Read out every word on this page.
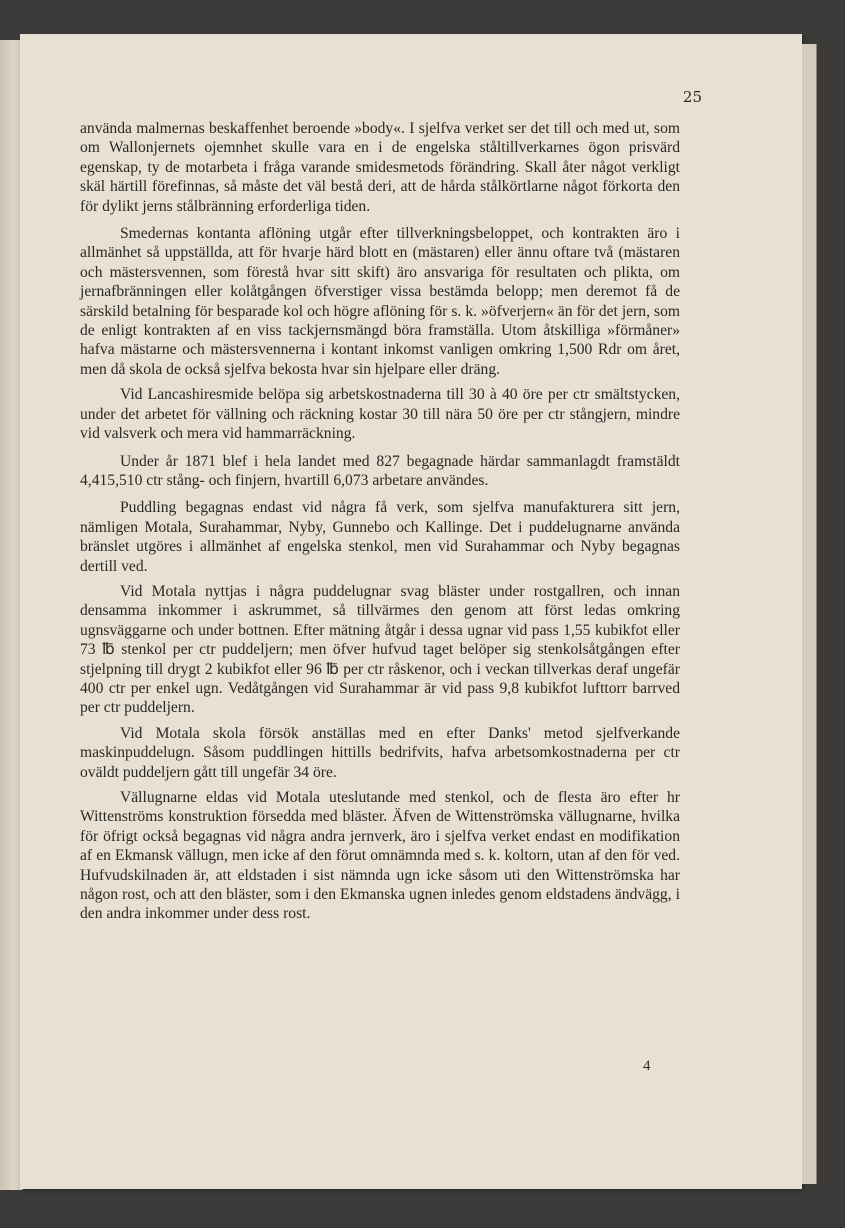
25

använda malmernas beskaffenhet beroende »body«. I sjelfva verket ser det till och med ut, som om Wallonjernets ojemnhet skulle vara en i de engelska ståltillverkarnes ögon prisvärd egenskap, ty de motarbeta i fråga varande smidesmetods förändring. Skall åter något verkligt skäl härtill förefinnas, så måste det väl bestå deri, att de hårda stålkörtlarne något förkorta den för dylikt jerns stålbränning erforderliga tiden.

Smedernas kontanta aflöning utgår efter tillverkningsbeloppet, och kontrakten äro i allmänhet så uppställda, att för hvarje härd blott en (mästaren) eller ännu oftare två (mästaren och mästersvennen, som förestå hvar sitt skift) äro ansvariga för resultaten och plikta, om jernafbränningen eller kolåtgången öfverstiger vissa bestämda belopp; men deremot få de särskild betalning för besparade kol och högre aflöning för s. k. »öfverjern« än för det jern, som de enligt kontrakten af en viss tackjernsmängd böra framställa. Utom åtskilliga »förmåner» hafva mästarne och mästersvennerna i kontant inkomst vanligen omkring 1,500 Rdr om året, men då skola de också sjelfva bekosta hvar sin hjelpare eller dräng.

Vid Lancashiresmide belöpa sig arbetskostnaderna till 30 à 40 öre per ctr smältstycken, under det arbetet för vällning och räckning kostar 30 till nära 50 öre per ctr stångjern, mindre vid valsverk och mera vid hammarräckning.

Under år 1871 blef i hela landet med 827 begagnade härdar sammanlagdt framstäldt 4,415,510 ctr stång- och finjern, hvartill 6,073 arbetare användes.

Puddling begagnas endast vid några få verk, som sjelfva manufakturera sitt jern, nämligen Motala, Surahammar, Nyby, Gunnebo och Kallinge. Det i puddelugnarne använda bränslet utgöres i allmänhet af engelska stenkol, men vid Surahammar och Nyby begagnas dertill ved.

Vid Motala nyttjas i några puddelugnar svag bläster under rostgallren, och innan densamma inkommer i askrummet, så tillvärmes den genom att först ledas omkring ugnsväggarne och under bottnen. Efter mätning åtgår i dessa ugnar vid pass 1,55 kubikfot eller 73 ℔ stenkol per ctr puddeljern; men öfver hufvud taget belöper sig stenkolsåtgången efter stjelpning till drygt 2 kubikfot eller 96 ℔ per ctr råskenor, och i veckan tillverkas deraf ungefär 400 ctr per enkel ugn. Vedåtgången vid Surahammar är vid pass 9,8 kubikfot lufttorr barrved per ctr puddeljern.

Vid Motala skola försök anställas med en efter Danks' metod sjelfverkande maskinpuddelugn. Såsom puddlingen hittills bedrifvits, hafva arbetsomkostnaderna per ctr oväldt puddeljern gått till ungefär 34 öre.

Vällugnarne eldas vid Motala uteslutande med stenkol, och de flesta äro efter hr Wittenströms konstruktion försedda med bläster. Äfven de Wittenströmska vällugnarne, hvilka för öfrigt också begagnas vid några andra jernverk, äro i sjelfva verket endast en modifikation af en Ekmansk vällugn, men icke af den förut omnämnda med s. k. koltorn, utan af den för ved. Hufvudskilnaden är, att eldstaden i sist nämnda ugn icke såsom uti den Wittenströmska har någon rost, och att den bläster, som i den Ekmanska ugnen inledes genom eldstadens ändvägg, i den andra inkommer under dess rost.

4
